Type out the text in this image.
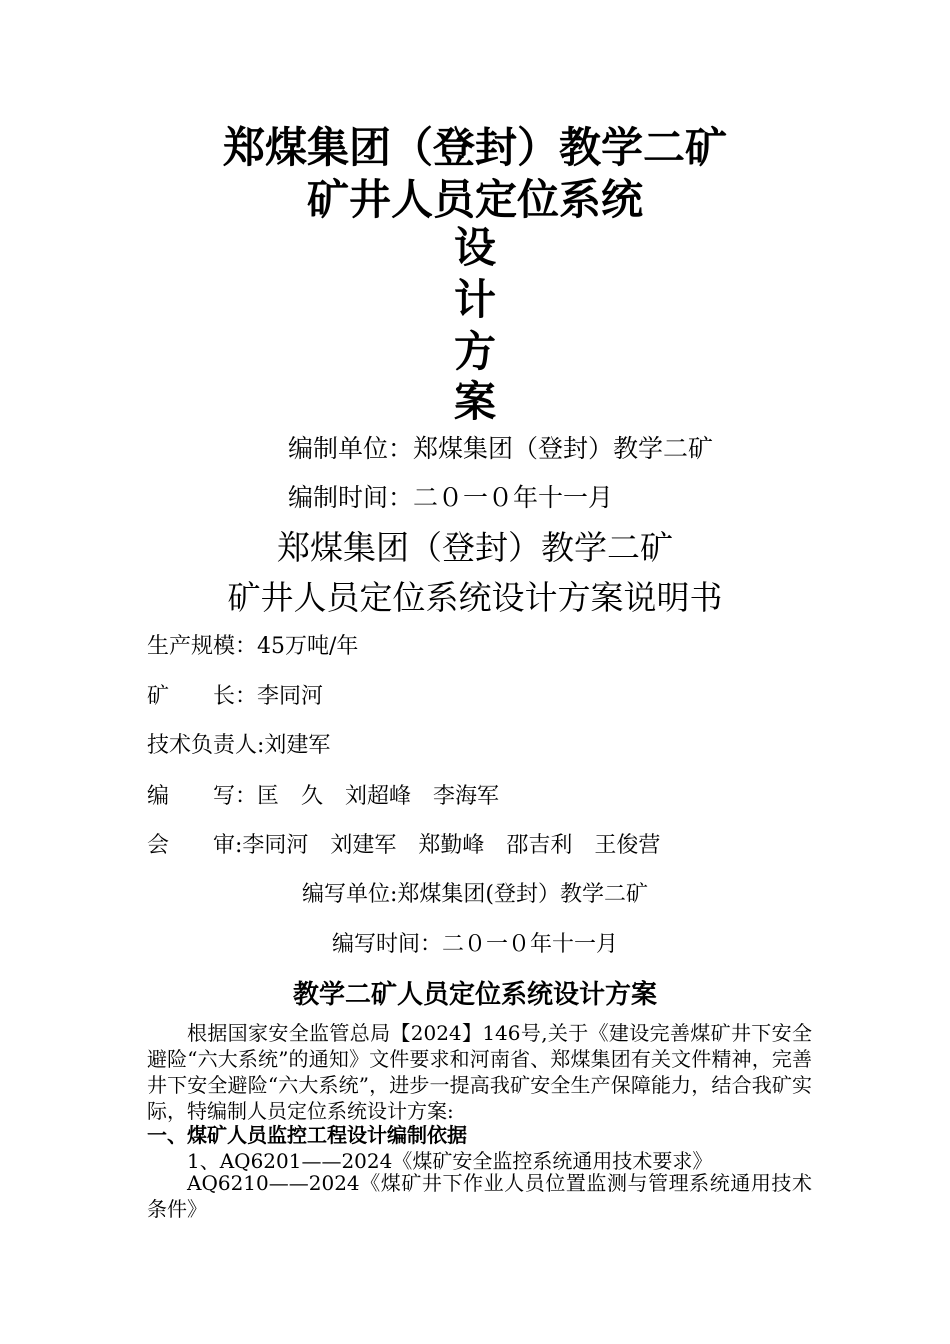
郑煤集团（登封）教学二矿
矿井人员定位系统
设
计
方
案
编制单位：郑煤集团（登封）教学二矿
编制时间：二０一０年十一月
郑煤集团（登封）教学二矿
矿井人员定位系统设计方案说明书
生产规模：45万吨/年
矿　　长：李同河
技术负责人:刘建军
编　　写：匡　久　刘超峰　李海军
会　　审:李同河　刘建军　郑勤峰　邵吉利　王俊营
编写单位:郑煤集团(登封）教学二矿
编写时间：二０一０年十一月
教学二矿人员定位系统设计方案
根据国家安全监管总局【2024】146号,关于《建设完善煤矿井下安全避险“六大系统”的通知》文件要求和河南省、郑煤集团有关文件精神，完善井下安全避险“六大系统”，进步一提高我矿安全生产保障能力，结合我矿实际，特编制人员定位系统设计方案:
一、煤矿人员监控工程设计编制依据
1、AQ6201——2024《煤矿安全监控系统通用技术要求》
AQ6210——2024《煤矿井下作业人员位置监测与管理系统通用技术条件》
